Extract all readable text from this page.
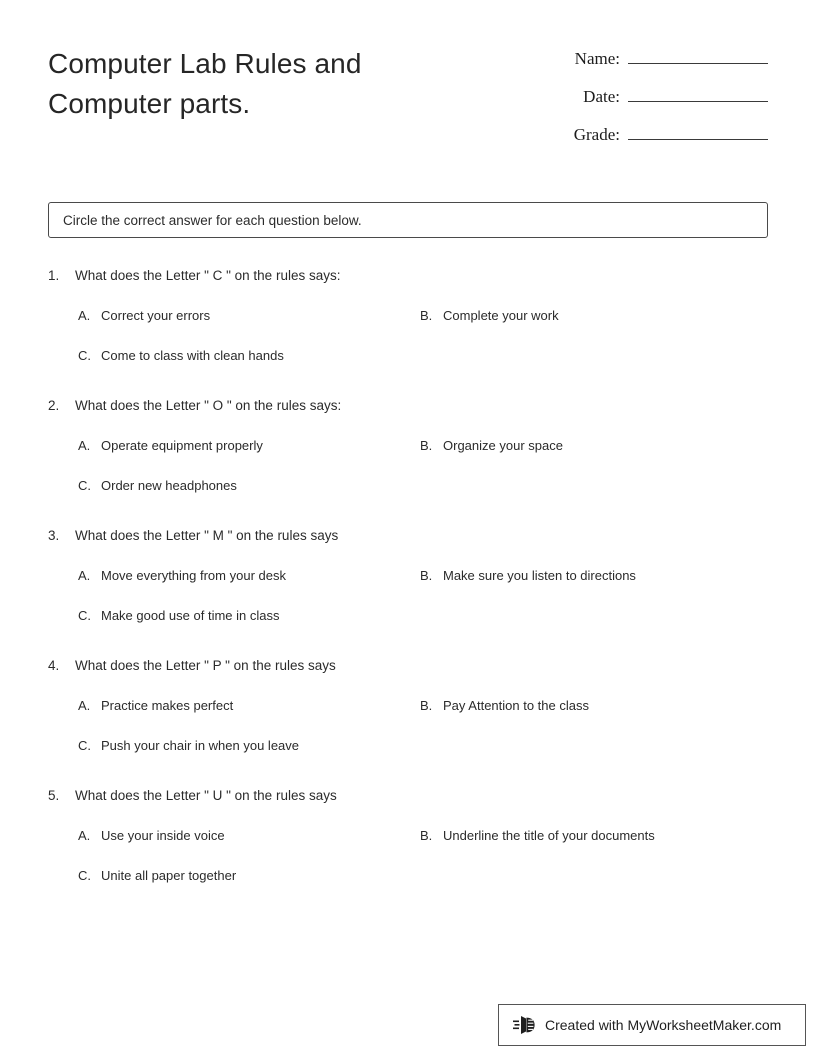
Computer Lab Rules and Computer parts.
Name:
Date:
Grade:
Circle the correct answer for each question below.
1.	What does the Letter " C " on the rules says:
A. Correct your errors	B. Complete your work
C. Come to class with clean hands
2.	What does the Letter " O " on the rules says:
A. Operate equipment properly	B. Organize your space
C. Order new headphones
3.	What does the Letter " M " on the rules says
A. Move everything from your desk	B. Make sure you listen to directions
C. Make good use of time in class
4.	What does the Letter " P " on the rules says
A. Practice makes perfect	B. Pay Attention to the class
C. Push your chair in when you leave
5.	What does the Letter " U " on the rules says
A. Use your inside voice	B. Underline the title of your documents
C. Unite all paper together
Created with MyWorksheetMaker.com
